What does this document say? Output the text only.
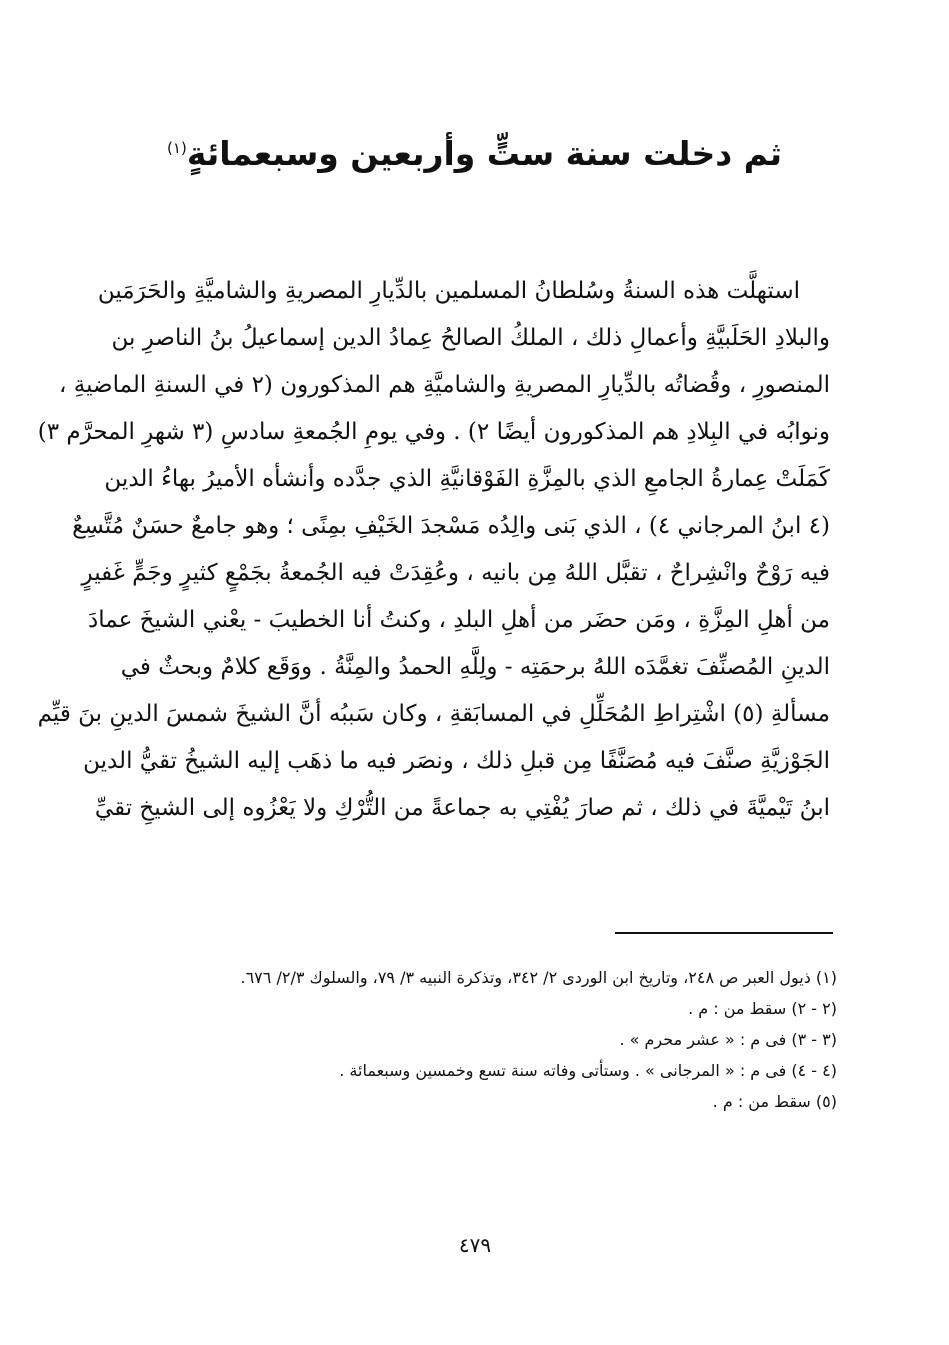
ثم دخلت سنة ستٍّ وأربعين وسبعمائةٍ$^{(١)}$
استهلَّت هذه السنةُ وسُلطانُ المسلمين بالدِّيارِ المصريةِ والشاميَّةِ والحَرَمَين
والبلادِ الحَلَبيَّةِ وأعمالِ ذلك ، الملكُ الصالحُ عِمادُ الدين إسماعيلُ بنُ الناصرِ بن
المنصورِ ، وقُضاتُه بالدِّيارِ المصريةِ والشاميَّةِ هم المذكورون (٢ في السنةِ الماضيةِ ،
ونوابُه في البِلادِ هم المذكورون أيضًا ٢) . وفي يومِ الجُمعةِ سادسِ (٣ شهرِ المحرَّم ٣)
كَمَلَتْ عِمارةُ الجامعِ الذي بالمِزَّةِ الفَوْقانيَّةِ الذي جدَّده وأنشأه الأميرُ بهاءُ الدين
(٤ ابنُ المرجاني ٤) ، الذي بَنى والِدُه مَسْجدَ الخَيْفِ بمِنًى ؛ وهو جامعٌ حسَنٌ مُتَّسِعٌ
فيه رَوْحٌ وانْشِراحٌ ، تقبَّل اللهُ مِن بانيه ، وعُقِدَتْ فيه الجُمعةُ بجَمْعٍ كثيرٍ وجَمٍّ غَفيرٍ
من أهلِ المِزَّةِ ، ومَن حضَر من أهلِ البلدِ ، وكنتُ أنا الخطيبَ - يعْني الشيخَ عمادَ
الدينِ المُصنِّفَ تغمَّدَه اللهُ برحمَتِه - ولِلَّهِ الحمدُ والمِنَّةُ . ووَقَع كلامٌ وبحثٌ في
مسألةِ (٥) اشْتِراطِ المُحَلِّلِ في المسابَقةِ ، وكان سَببُه أنَّ الشيخَ شمسَ الدينِ بنَ قيِّم
الجَوْزيَّةِ صنَّفَ فيه مُصَنَّفًا مِن قبلِ ذلك ، ونصَر فيه ما ذهَب إليه الشيخُ تقيُّ الدين
ابنُ تَيْميَّةَ في ذلك ، ثم صارَ يُفْتِي به جماعةً من التُّرْكِ ولا يَعْزُوه إلى الشيخِ تقيِّ
(١) ذيول العبر ص ٢٤٨، وتاريخ ابن الوردى ٢/ ٣٤٢، وتذكرة النبيه ٣/ ٧٩، والسلوك ٢/٣/ ٦٧٦.
(٢ - ٢) سقط من : م .
(٣ - ٣) فى م : « عشر محرم » .
(٤ - ٤) فى م : « المرجانى » . وستأتى وفاته سنة تسع وخمسين وسبعمائة .
(٥) سقط من : م .
٤٧٩
